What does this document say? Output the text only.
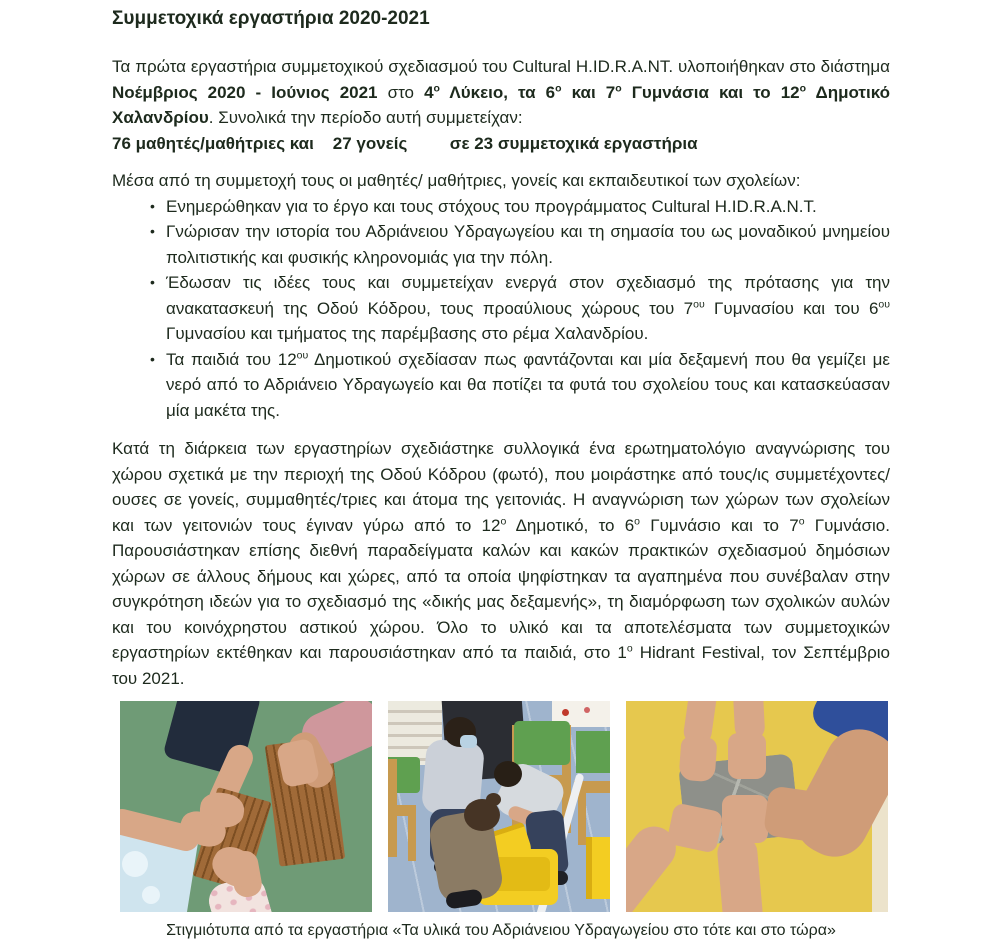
Συμμετοχικά εργαστήρια 2020-2021

Τα πρώτα εργαστήρια συμμετοχικού σχεδιασμού του Cultural H.ID.R.A.NT. υλοποιήθηκαν στο διάστημα Νοέμβριος 2020 - Ιούνιος 2021 στο $4^o$ Λύκειο, τα $6^o$ και $7^o$ Γυμνάσια και το $12^o$ Δημοτικό Χαλανδρίου. Συνολικά την περίοδο αυτή συμμετείχαν:

76 μαθητές/μαθήτριες και    27 γονείς         σε 23 συμμετοχικά εργαστήρια

Μέσα από τη συμμετοχή τους οι μαθητές/ μαθήτριες, γονείς και εκπαιδευτικοί των σχολείων:

• Ενημερώθηκαν για το έργο και τους στόχους του προγράμματος Cultural H.ID.R.A.N.T.
• Γνώρισαν την ιστορία του Αδριάνειου Υδραγωγείου και τη σημασία του ως μοναδικού μνημείου πολιτιστικής και φυσικής κληρονομιάς για την πόλη.
• Έδωσαν τις ιδέες τους και συμμετείχαν ενεργά στον σχεδιασμό της πρότασης για την ανακατασκευή της Οδού Κόδρου, τους προαύλιους χώρους του $7^{o\upsilon}$ Γυμνασίου και του $6^{o\upsilon}$ Γυμνασίου και τμήματος της παρέμβασης στο ρέμα Χαλανδρίου.
• Τα παιδιά του $12^{o\upsilon}$ Δημοτικού σχεδίασαν πως φαντάζονται και μία δεξαμενή που θα γεμίζει με νερό από το Αδριάνειο Υδραγωγείο και θα ποτίζει τα φυτά του σχολείου τους και κατασκεύασαν μία μακέτα της.

Κατά τη διάρκεια των εργαστηρίων σχεδιάστηκε συλλογικά ένα ερωτηματολόγιο αναγνώρισης του χώρου σχετικά με την περιοχή της Οδού Κόδρου (φωτό), που μοιράστηκε από τους/ις συμμετέχοντες/ουσες σε γονείς, συμμαθητές/τριες και άτομα της γειτονιάς. Η αναγνώριση των χώρων των σχολείων και των γειτονιών τους έγιναν γύρω από το $12^o$ Δημοτικό, το $6^o$ Γυμνάσιο και το $7^o$ Γυμνάσιο. Παρουσιάστηκαν επίσης διεθνή παραδείγματα καλών και κακών πρακτικών σχεδιασμού δημόσιων χώρων σε άλλους δήμους και χώρες, από τα οποία ψηφίστηκαν τα αγαπημένα που συνέβαλαν στην συγκρότηση ιδεών για το σχεδιασμό της «δικής μας δεξαμενής», τη διαμόρφωση των σχολικών αυλών και του κοινόχρηστου αστικού χώρου. Όλο το υλικό και τα αποτελέσματα των συμμετοχικών εργαστηρίων εκτέθηκαν και παρουσιάστηκαν από τα παιδιά, στο $1^o$ Hidrant Festival, τον Σεπτέμβριο του 2021.

Στιγμιότυπα από τα εργαστήρια «Τα υλικά του Αδριάνειου Υδραγωγείου στο τότε και στο τώρα»
